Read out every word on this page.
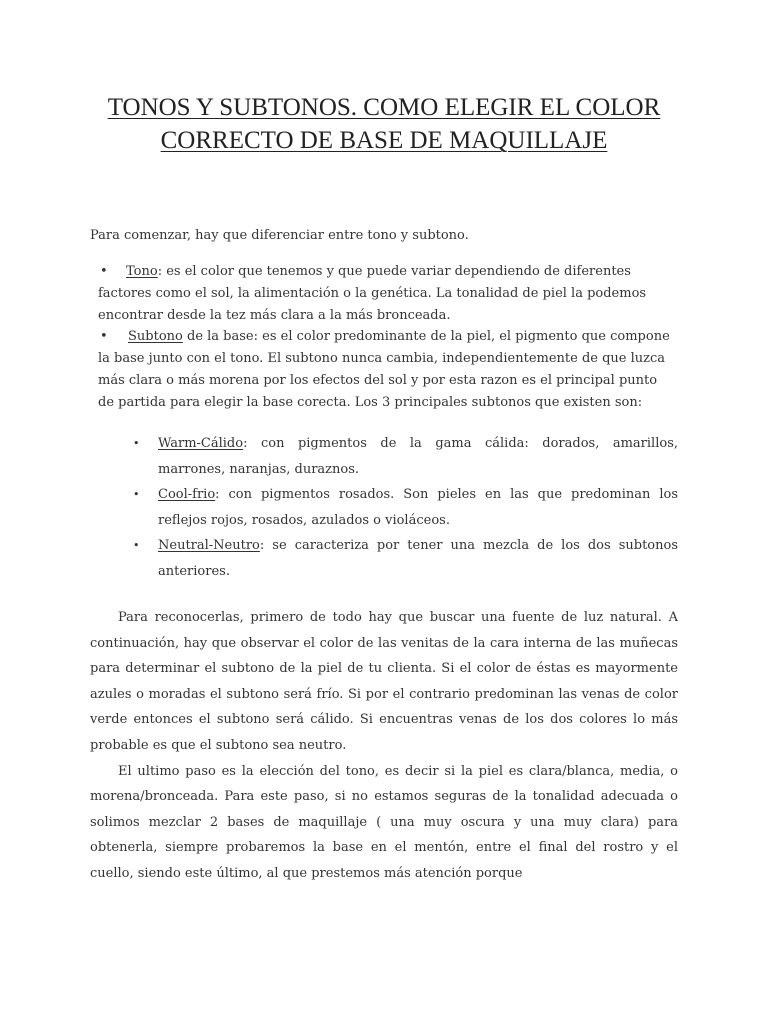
TONOS Y SUBTONOS. COMO ELEGIR EL COLOR
CORRECTO DE BASE DE MAQUILLAJE
Para comenzar, hay que diferenciar entre tono y subtono.
•	Tono: es el color que tenemos y que puede variar dependiendo de diferentes
factores como el sol, la alimentación o la genética. La tonalidad de piel la podemos
encontrar desde la tez más clara a la más bronceada.
•	Subtono de la base: es el color predominante de la piel, el pigmento que compone
la base junto con el tono. El subtono nunca cambia, independientemente de que luzca
más clara o más morena por los efectos del sol y por esta razon es el principal punto
de partida para elegir la base corecta. Los 3 principales subtonos que existen son:
• Warm-Cálido: con pigmentos de la gama cálida: dorados, amarillos,
marrones, naranjas, duraznos.
• Cool-frio: con pigmentos rosados. Son pieles en las que predominan los
reflejos rojos, rosados, azulados o violáceos.
• Neutral-Neutro: se caracteriza por tener una mezcla de los dos subtonos
anteriores.
Para reconocerlas, primero de todo hay que buscar una fuente de luz natural. A
continuación, hay que observar el color de las venitas de la cara interna de las muñecas
para determinar el subtono de la piel de tu clienta. Si el color de éstas es mayormente
azules o moradas el subtono será frío. Si por el contrario predominan las venas de color
verde entonces el subtono será cálido. Si encuentras venas de los dos colores lo más
probable es que el subtono sea neutro.
El ultimo paso es la elección del tono, es decir si la piel es clara/blanca, media, o
morena/bronceada. Para este paso, si no estamos seguras de la tonalidad adecuada o
solimos mezclar 2 bases de maquillaje ( una muy oscura y una muy clara) para
obtenerla, siempre probaremos la base en el mentón, entre el final del rostro y el
cuello, siendo este último, al que prestemos más atención porque
